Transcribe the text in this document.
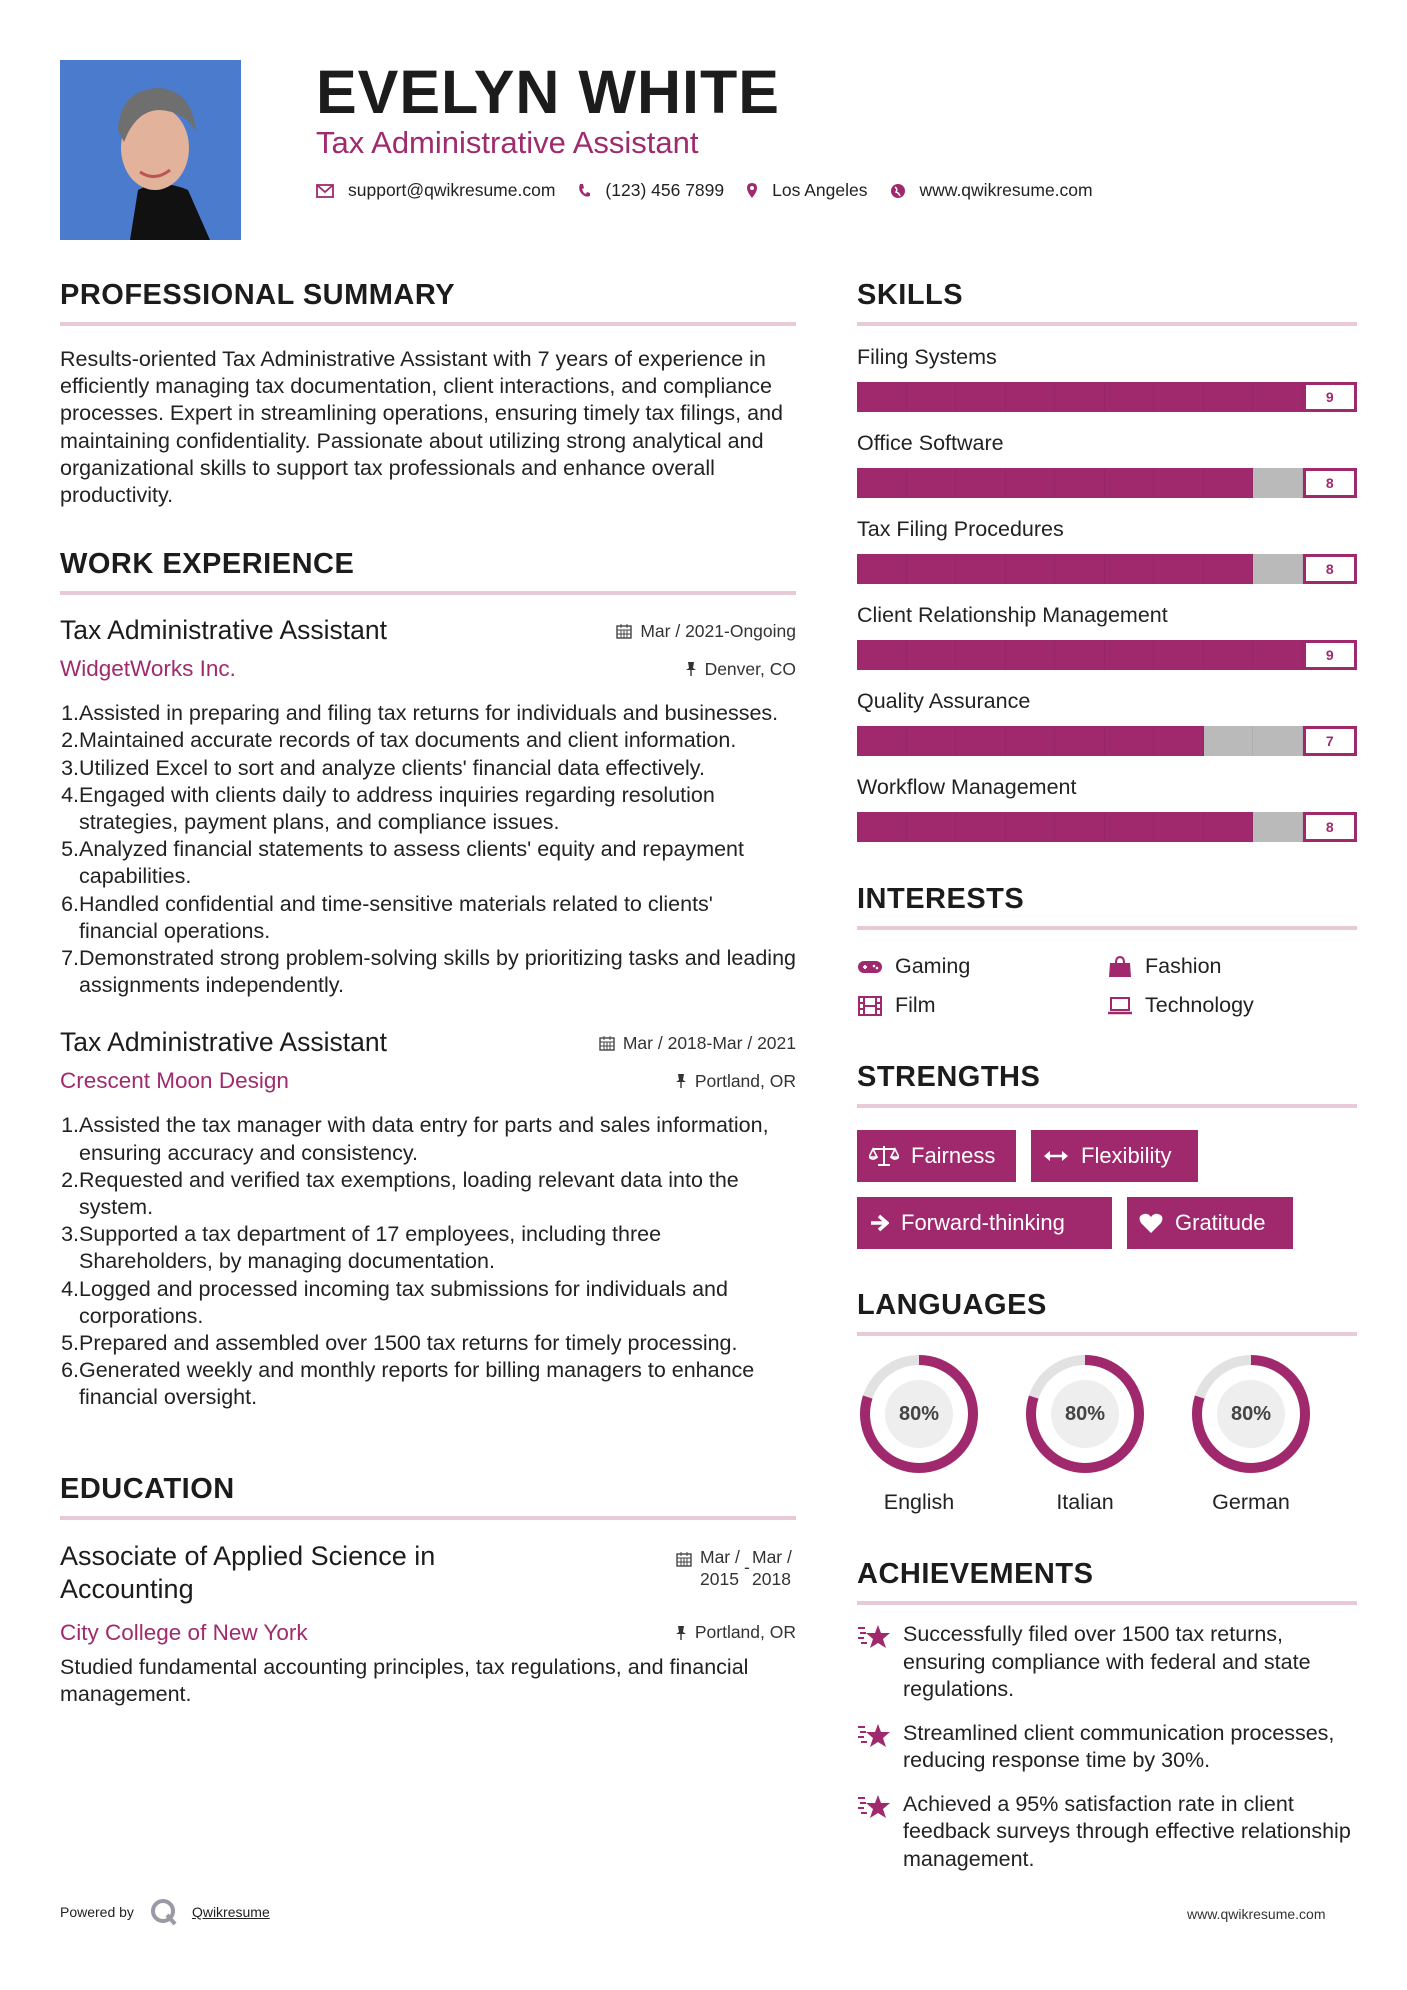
EVELYN WHITE
Tax Administrative Assistant
support@qwikresume.com	(123) 456 7899	Los Angeles	www.qwikresume.com
PROFESSIONAL SUMMARY

Results-oriented Tax Administrative Assistant with 7 years of experience in efficiently managing tax documentation, client interactions, and compliance processes. Expert in streamlining operations, ensuring timely tax filings, and maintaining confidentiality. Passionate about utilizing strong analytical and organizational skills to support tax professionals and enhance overall productivity.

WORK EXPERIENCE
Tax Administrative Assistant	Mar / 2021-Ongoing
WidgetWorks Inc.	Denver, CO
1. Assisted in preparing and filing tax returns for individuals and businesses.
2. Maintained accurate records of tax documents and client information.
3. Utilized Excel to sort and analyze clients' financial data effectively.
4. Engaged with clients daily to address inquiries regarding resolution strategies, payment plans, and compliance issues.
5. Analyzed financial statements to assess clients' equity and repayment capabilities.
6. Handled confidential and time-sensitive materials related to clients' financial operations.
7. Demonstrated strong problem-solving skills by prioritizing tasks and leading assignments independently.
Tax Administrative Assistant	Mar / 2018-Mar / 2021
Crescent Moon Design	Portland, OR
1. Assisted the tax manager with data entry for parts and sales information, ensuring accuracy and consistency.
2. Requested and verified tax exemptions, loading relevant data into the system.
3. Supported a tax department of 17 employees, including three Shareholders, by managing documentation.
4. Logged and processed incoming tax submissions for individuals and corporations.
5. Prepared and assembled over 1500 tax returns for timely processing.
6. Generated weekly and monthly reports for billing managers to enhance financial oversight.
EDUCATION
Associate of Applied Science in Accounting
Mar / 2015
- Mar / 2018
City College of New York	Portland, OR

Studied fundamental accounting principles, tax regulations, and financial management.

SKILLS
Filing Systems
9
Office Software
8
Tax Filing Procedures
8
Client Relationship Management
9
Quality Assurance
7
Workflow Management
8
INTERESTS
Gaming	Fashion
Film	Technology
STRENGTHS
Fairness	Flexibility
Forward-thinking	Gratitude
LANGUAGES
80%
English
80%
Italian
80%
German
ACHIEVEMENTS
Successfully filed over 1500 tax returns, ensuring compliance with federal and state regulations.
Streamlined client communication processes, reducing response time by 30%.
Achieved a 95% satisfaction rate in client feedback surveys through effective relationship management.
Powered by	Qwikresume	www.qwikresume.com
